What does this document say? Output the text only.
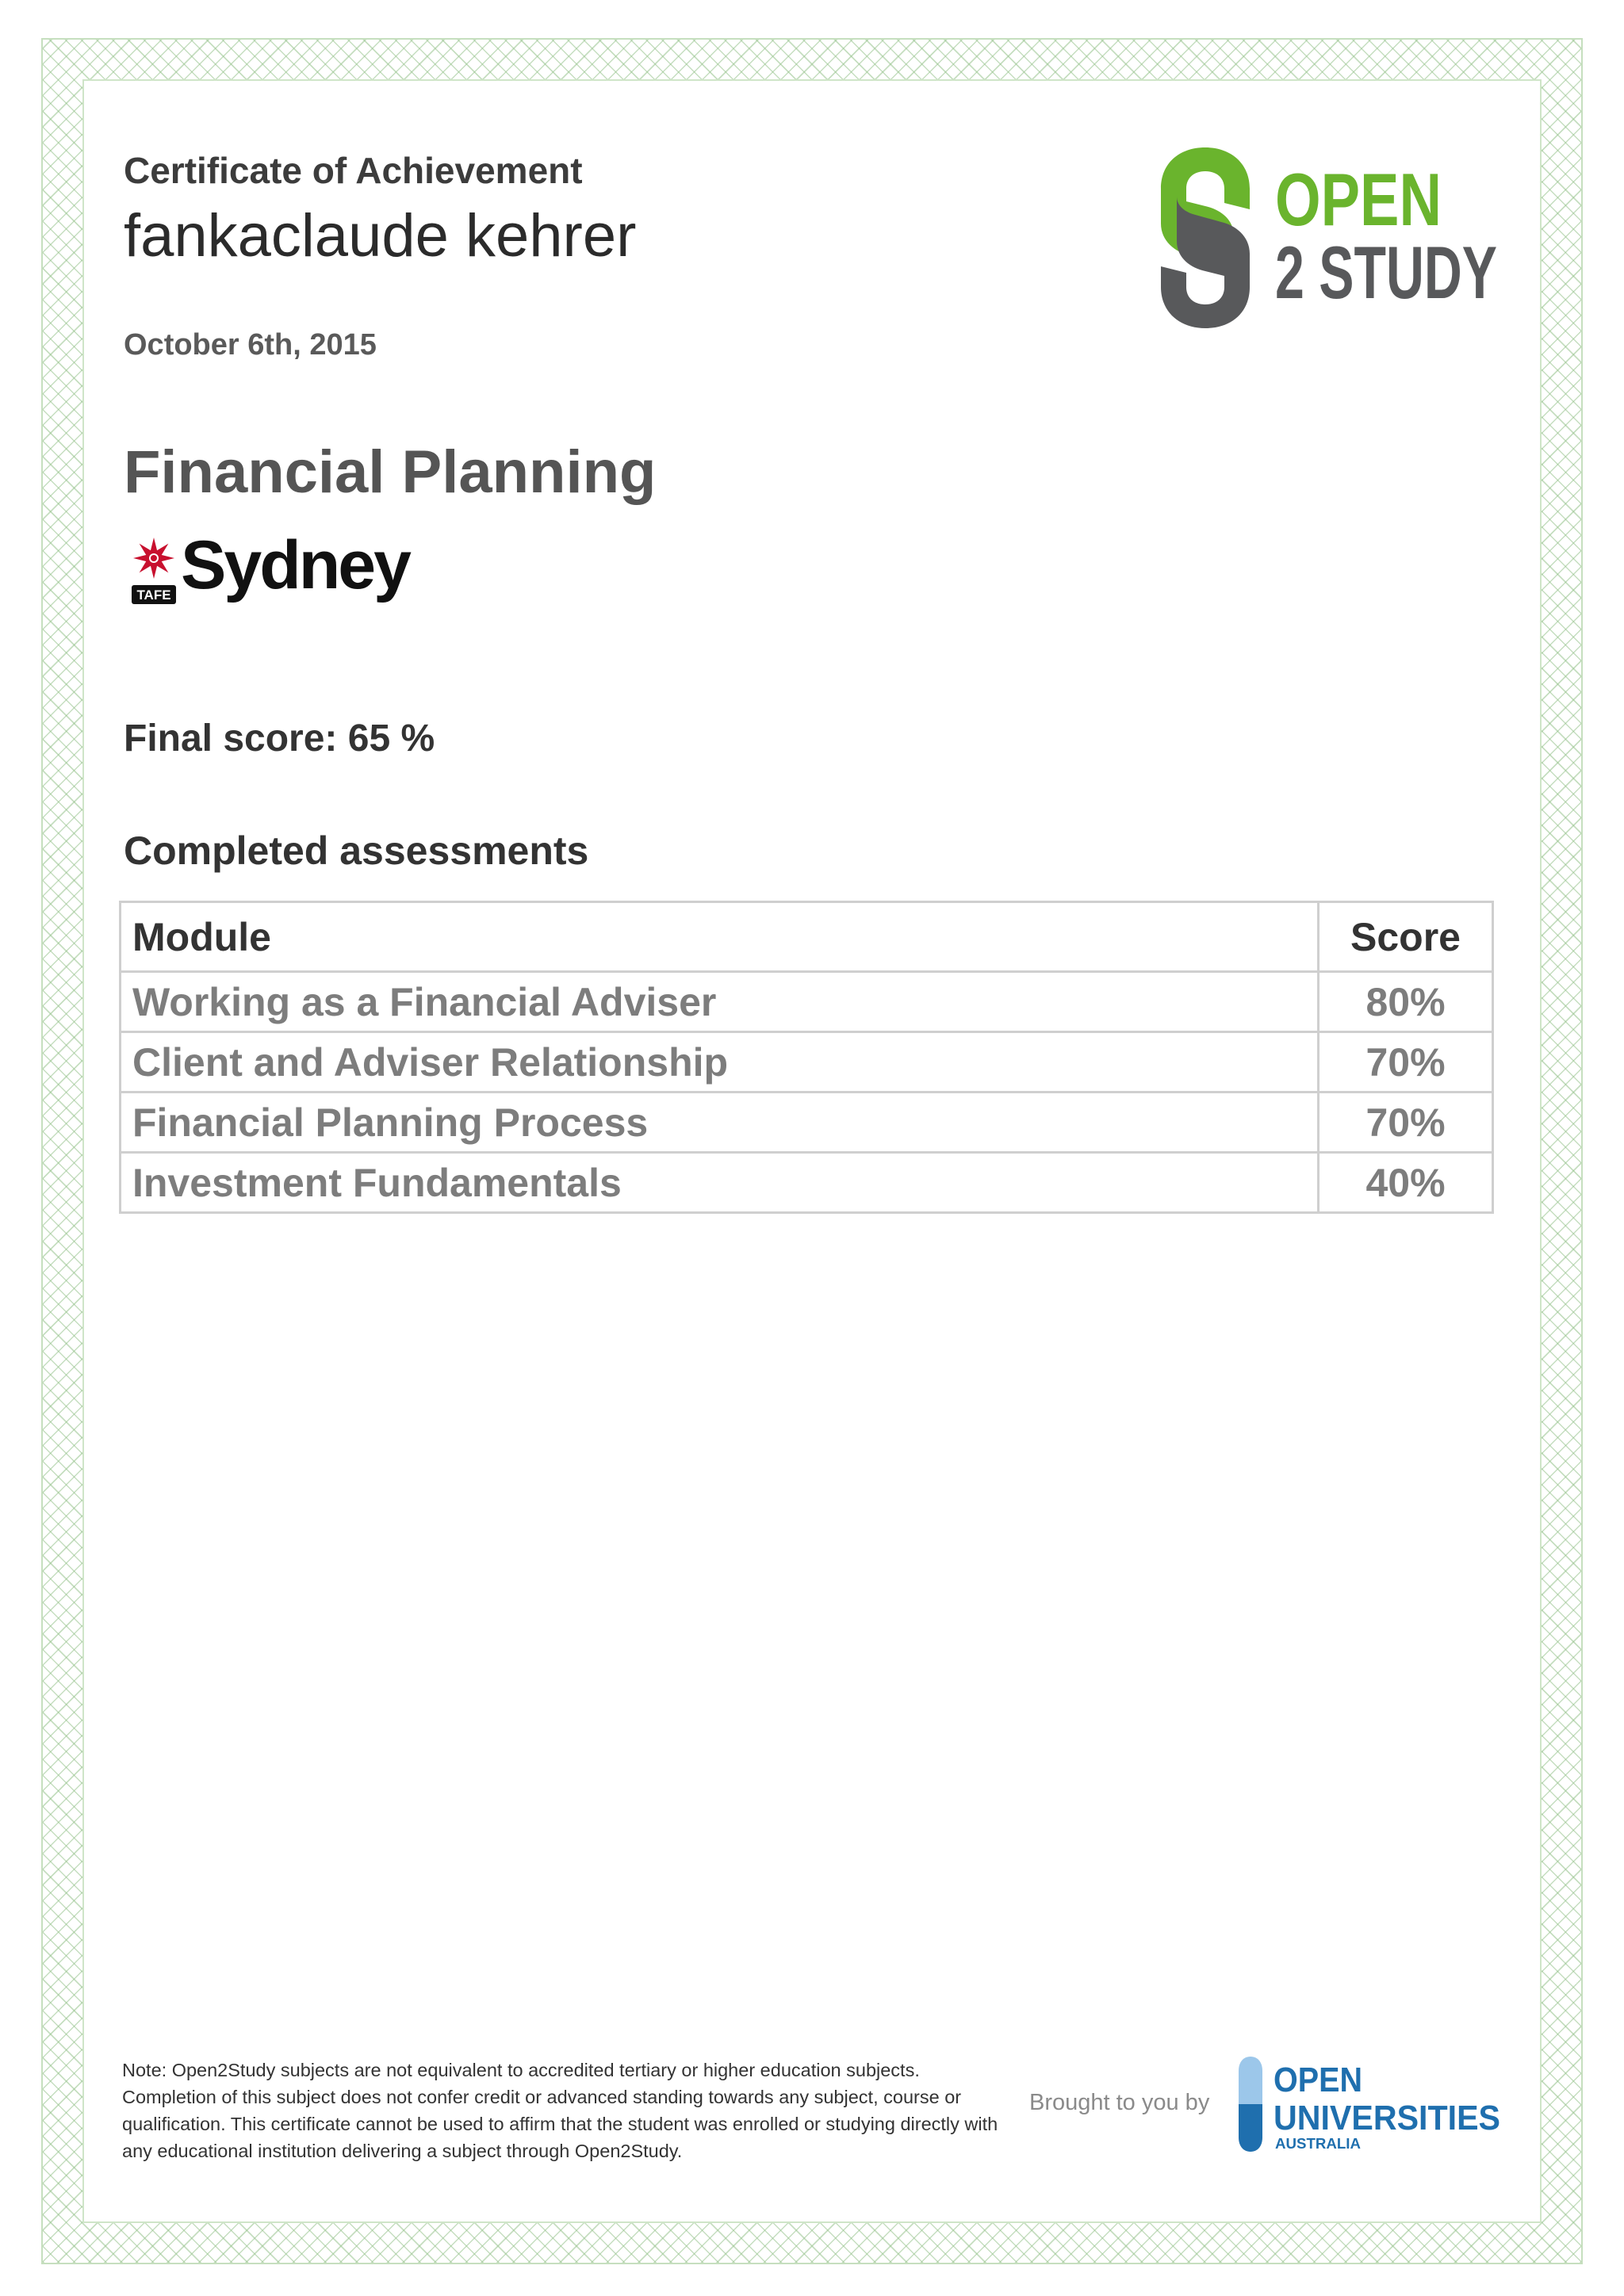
Certificate of Achievement

fankaclaude kehrer

October 6th, 2015

Financial Planning

TAFE Sydney
OPEN
2 STUDY

Final score: 65 %

Completed assessments

Module	Score
Working as a Financial Adviser	80%
Client and Adviser Relationship	70%
Financial Planning Process	70%
Investment Fundamentals	40%

Note: Open2Study subjects are not equivalent to accredited tertiary or higher education subjects. Completion of this subject does not confer credit or advanced standing towards any subject, course or qualification. This certificate cannot be used to affirm that the student was enrolled or studying directly with any educational institution delivering a subject through Open2Study.

Brought to you by
OPEN
UNIVERSITIES
AUSTRALIA
